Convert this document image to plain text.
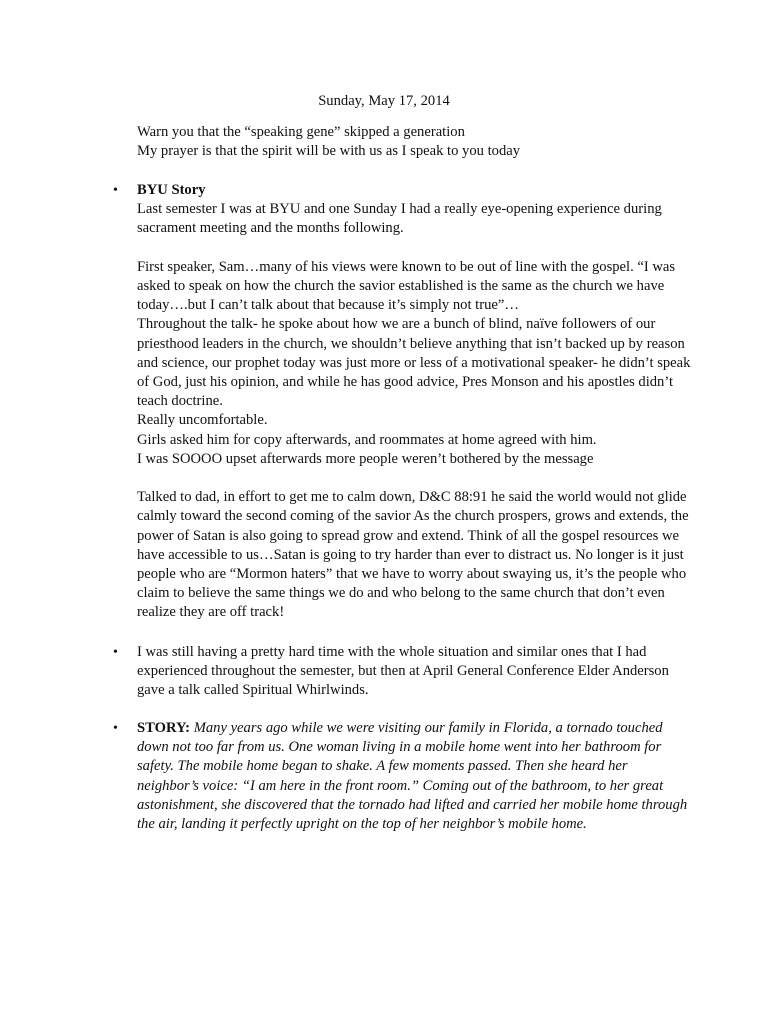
Sunday, May 17, 2014

Warn you that the “speaking gene” skipped a generation

My prayer is that the spirit will be with us as I speak to you today

•	BYU Story

Last semester I was at BYU and one Sunday I had a really eye-opening experience during sacrament meeting and the months following.

First speaker, Sam…many of his views were known to be out of line with the gospel. “I was asked to speak on how the church the savior established is the same as the church we have today….but I can’t talk about that because it’s simply not true”…

Throughout the talk- he spoke about how we are a bunch of blind, naïve followers of our priesthood leaders in the church, we shouldn’t believe anything that isn’t backed up by reason and science, our prophet today was just more or less of a motivational speaker- he didn’t speak of God, just his opinion, and while he has good advice, Pres Monson and his apostles didn’t teach doctrine.

Really uncomfortable.

Girls asked him for copy afterwards, and roommates at home agreed with him.

I was SOOOO upset afterwards more people weren’t bothered by the message

Talked to dad, in effort to get me to calm down, D&C 88:91 he said the world would not glide calmly toward the second coming of the savior As the church prospers, grows and extends, the power of Satan is also going to spread grow and extend. Think of all the gospel resources we have accessible to us…Satan is going to try harder than ever to distract us. No longer is it just people who are “Mormon haters” that we have to worry about swaying us, it’s the people who claim to believe the same things we do and who belong to the same church that don’t even realize they are off track!

•	I was still having a pretty hard time with the whole situation and similar ones that I had experienced throughout the semester, but then at April General Conference Elder Anderson gave a talk called Spiritual Whirlwinds.

•	STORY: Many years ago while we were visiting our family in Florida, a tornado touched down not too far from us. One woman living in a mobile home went into her bathroom for safety. The mobile home began to shake. A few moments passed. Then she heard her neighbor’s voice: “I am here in the front room.” Coming out of the bathroom, to her great astonishment, she discovered that the tornado had lifted and carried her mobile home through the air, landing it perfectly upright on the top of her neighbor’s mobile home.
